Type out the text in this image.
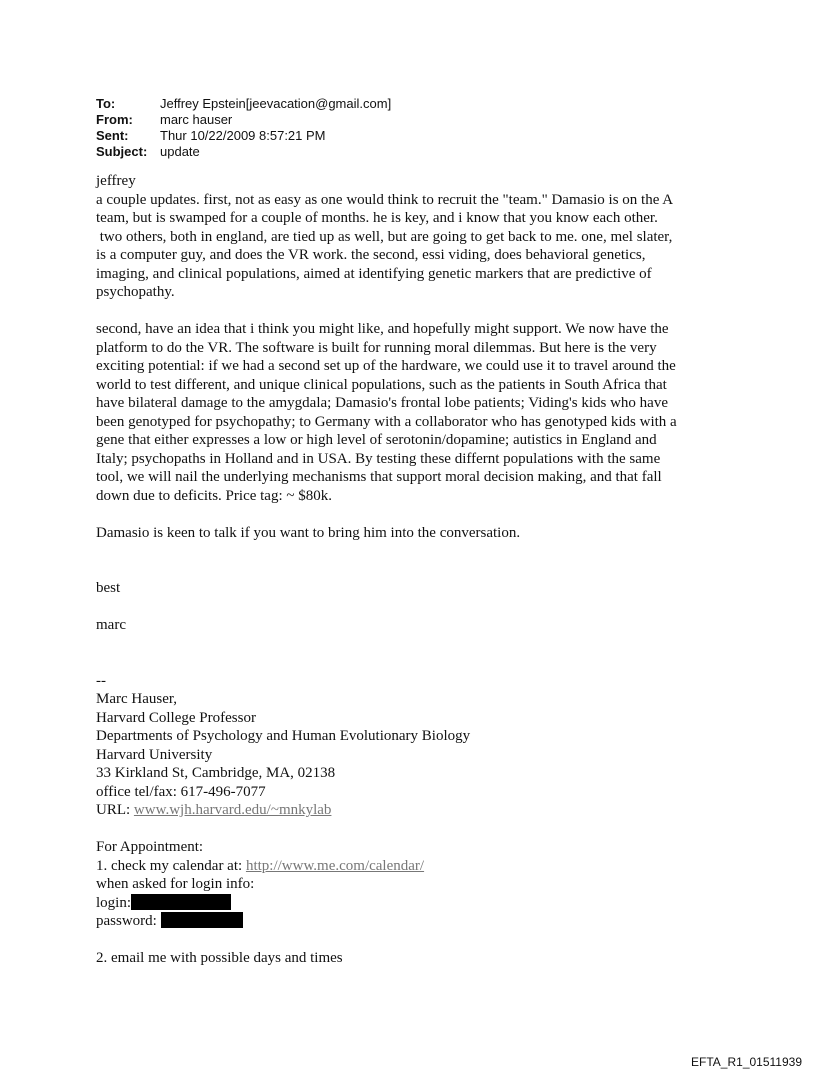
To:	Jeffrey Epstein[jeevacation@gmail.com]
From:	marc hauser
Sent:	Thur 10/22/2009 8:57:21 PM
Subject: update

jeffrey

a couple updates. first, not as easy as one would think to recruit the "team." Damasio is on the A

team, but is swamped for a couple of months. he is key, and i know that you know each other.

two others, both in england, are tied up as well, but are going to get back to me. one, mel slater,

is a computer guy, and does the VR work. the second, essi viding, does behavioral genetics,

imaging, and clinical populations, aimed at identifying genetic markers that are predictive of

psychopathy.

second, have an idea that i think you might like, and hopefully might support. We now have the

platform to do the VR. The software is built for running moral dilemmas. But here is the very

exciting potential: if we had a second set up of the hardware, we could use it to travel around the

world to test different, and unique clinical populations, such as the patients in South Africa that

have bilateral damage to the amygdala; Damasio's frontal lobe patients; Viding's kids who have

been genotyped for psychopathy; to Germany with a collaborator who has genotyped kids with a

gene that either expresses a low or high level of serotonin/dopamine; autistics in England and

Italy; psychopaths in Holland and in USA. By testing these differnt populations with the same

tool, we will nail the underlying mechanisms that support moral decision making, and that fall

down due to deficits. Price tag: ~ $80k.

Damasio is keen to talk if you want to bring him into the conversation.

best

marc

--

Marc Hauser,

Harvard College Professor

Departments of Psychology and Human Evolutionary Biology

Harvard University

33 Kirkland St, Cambridge, MA, 02138

office tel/fax: 617-496-7077

URL: www.wjh.harvard.edu/~mnkylab

For Appointment:

1. check my calendar at: http://www.me.com/calendar/

when asked for login info:

login:

password:

2. email me with possible days and times

EFTA_R1_01511939
